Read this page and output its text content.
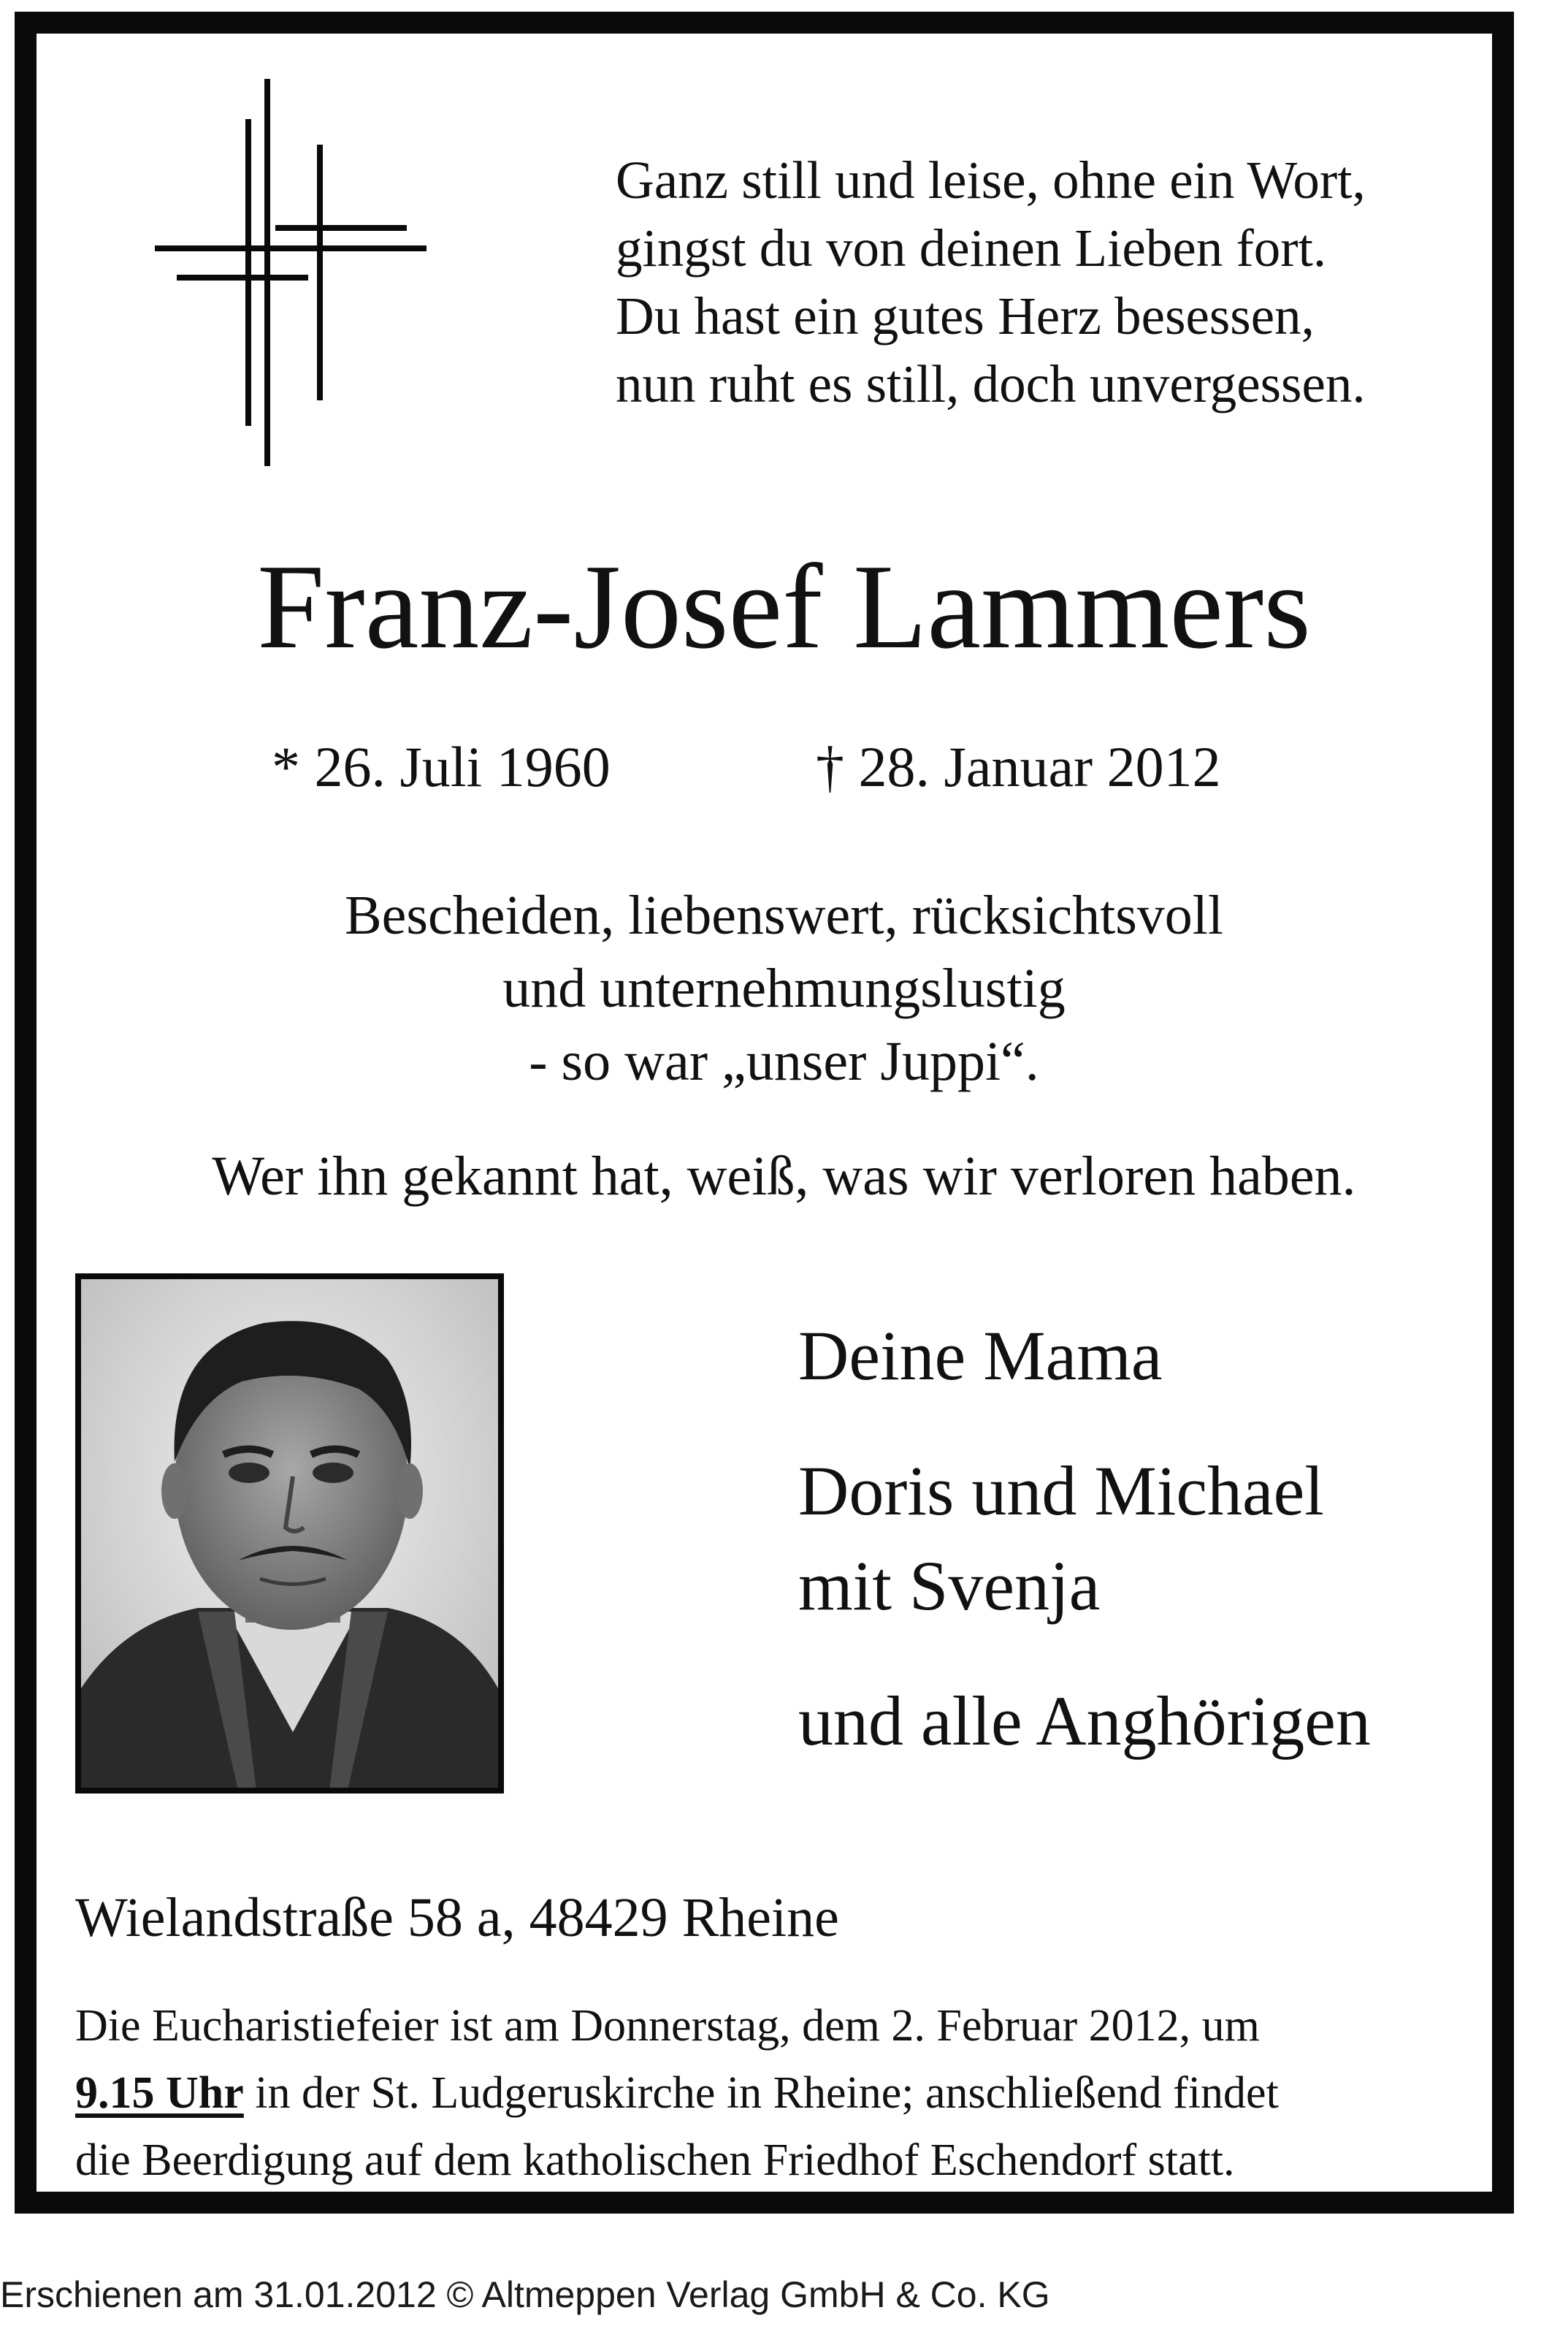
Ganz still und leise, ohne ein Wort,
gingst du von deinen Lieben fort.
Du hast ein gutes Herz besessen,
nun ruht es still, doch unvergessen.
Franz-Josef Lammers
* 26. Juli 1960	† 28. Januar 2012
Bescheiden, liebenswert, rücksichtsvoll
und unternehmungslustig
- so war „unser Juppi“.
Wer ihn gekannt hat, weiß, was wir verloren haben.
Deine Mama
Doris und Michael
mit Svenja
und alle Anghörigen
Wielandstraße 58 a, 48429 Rheine
Die Eucharistiefeier ist am Donnerstag, dem 2. Februar 2012, um
9.15 Uhr in der St. Ludgeruskirche in Rheine; anschließend findet
die Beerdigung auf dem katholischen Friedhof Eschendorf statt.
Erschienen am 31.01.2012 © Altmeppen Verlag GmbH & Co. KG
